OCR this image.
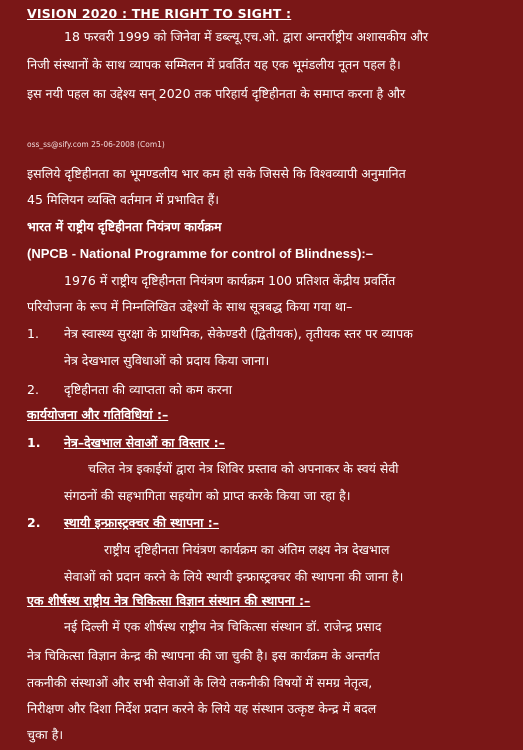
VISION 2020 : THE RIGHT TO SIGHT :
18 फरवरी 1999 को जिनेवा में डब्ल्यू.एच.ओ. द्वारा अन्तर्राष्ट्रीय अशासकीय और
निजी संस्थानों के साथ व्यापक सम्मिलन में प्रवर्तित यह एक भूमंडलीय नूतन पहल है।
इस नयी पहल का उद्देश्य सन् 2020 तक परिहार्य दृष्टिहीनता के समाप्त करना है और
oss_ss@sify.com 25-06-2008 (Com1)
इसलिये दृष्टिहीनता का भूमण्डलीय भार कम हो सके जिससे कि विश्वव्यापी अनुमानित
45 मिलियन व्यक्ति वर्तमान में प्रभावित हैं।
भारत में राष्ट्रीय दृष्टिहीनता नियंत्रण कार्यक्रम
(NPCB - National Programme for control of Blindness):–
1976 में राष्ट्रीय दृष्टिहीनता नियंत्रण कार्यक्रम 100 प्रतिशत केंद्रीय प्रवर्तित
परियोजना के रूप में निम्नलिखित उद्देश्यों के साथ सूत्रबद्ध किया गया था–
1. नेत्र स्वास्थ्य सुरक्षा के प्राथमिक, सेकेण्डरी (द्वितीयक), तृतीयक स्तर पर व्यापक
नेत्र देखभाल सुविधाओं को प्रदाय किया जाना।
2. दृष्टिहीनता की व्याप्तता को कम करना
कार्ययोजना और गतिविधियां :–
1. नेत्र–देखभाल सेवाओं का विस्तार :–
चलित नेत्र इकाईयों द्वारा नेत्र शिविर प्रस्ताव को अपनाकर के स्वयं सेवी
संगठनों की सहभागिता सहयोग को प्राप्त करके किया जा रहा है।
2. स्थायी इन्फ्रास्ट्रक्चर की स्थापना :–
राष्ट्रीय दृष्टिहीनता नियंत्रण कार्यक्रम का अंतिम लक्ष्य नेत्र देखभाल
सेवाओं को प्रदान करने के लिये स्थायी इन्फ्रास्ट्रक्चर की स्थापना की जाना है।
एक शीर्षस्थ राष्ट्रीय नेत्र चिकित्सा विज्ञान संस्थान की स्थापना :–
नई दिल्ली में एक शीर्षस्थ राष्ट्रीय नेत्र चिकित्सा संस्थान डॉ. राजेन्द्र प्रसाद
नेत्र चिकित्सा विज्ञान केन्द्र की स्थापना की जा चुकी है। इस कार्यक्रम के अन्तर्गत
तकनीकी संस्थाओं और सभी सेवाओं के लिये तकनीकी विषयों में समग्र नेतृत्व,
निरीक्षण और दिशा निर्देश प्रदान करने के लिये यह संस्थान उत्कृष्ट केन्द्र में बदल
चुका है।
